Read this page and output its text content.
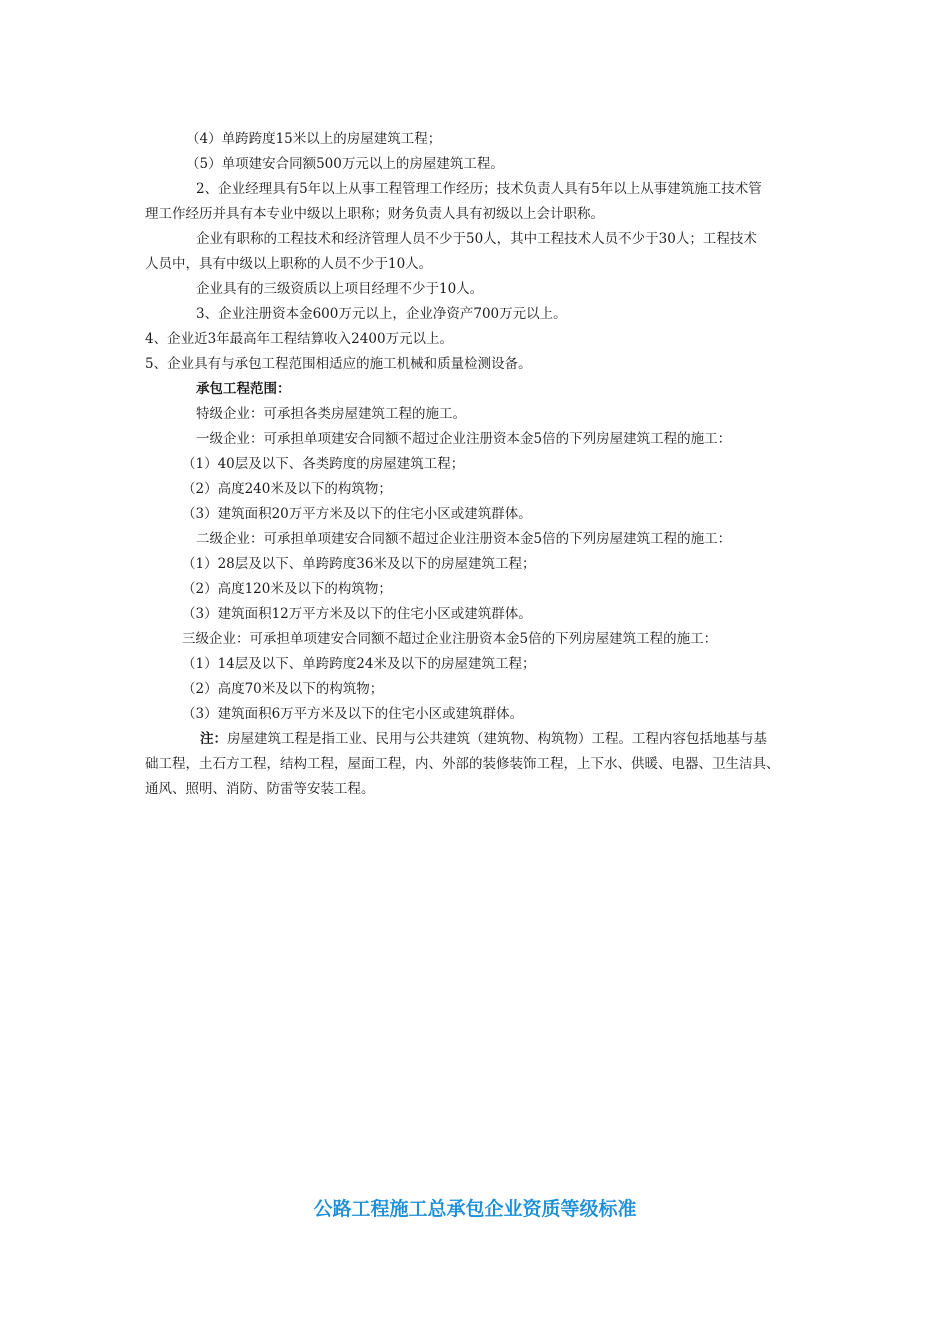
（4）单跨跨度15米以上的房屋建筑工程；
（5）单项建安合同额500万元以上的房屋建筑工程。
2、企业经理具有5年以上从事工程管理工作经历；技术负责人具有5年以上从事建筑施工技术管
理工作经历并具有本专业中级以上职称；财务负责人具有初级以上会计职称。
企业有职称的工程技术和经济管理人员不少于50人，其中工程技术人员不少于30人；工程技术
人员中，具有中级以上职称的人员不少于10人。
企业具有的三级资质以上项目经理不少于10人。
3、企业注册资本金600万元以上，企业净资产700万元以上。
4、企业近3年最高年工程结算收入2400万元以上。
5、企业具有与承包工程范围相适应的施工机械和质量检测设备。
承包工程范围：
特级企业：可承担各类房屋建筑工程的施工。
一级企业：可承担单项建安合同额不超过企业注册资本金5倍的下列房屋建筑工程的施工：
（1）40层及以下、各类跨度的房屋建筑工程；
（2）高度240米及以下的构筑物；
（3）建筑面积20万平方米及以下的住宅小区或建筑群体。
二级企业：可承担单项建安合同额不超过企业注册资本金5倍的下列房屋建筑工程的施工：
（1）28层及以下、单跨跨度36米及以下的房屋建筑工程；
（2）高度120米及以下的构筑物；
（3）建筑面积12万平方米及以下的住宅小区或建筑群体。
三级企业：可承担单项建安合同额不超过企业注册资本金5倍的下列房屋建筑工程的施工：
（1）14层及以下、单跨跨度24米及以下的房屋建筑工程；
（2）高度70米及以下的构筑物；
（3）建筑面积6万平方米及以下的住宅小区或建筑群体。
注：房屋建筑工程是指工业、民用与公共建筑（建筑物、构筑物）工程。工程内容包括地基与基
础工程，土石方工程，结构工程，屋面工程，内、外部的装修装饰工程，上下水、供暖、电器、卫生洁具、
通风、照明、消防、防雷等安装工程。
公路工程施工总承包企业资质等级标准
